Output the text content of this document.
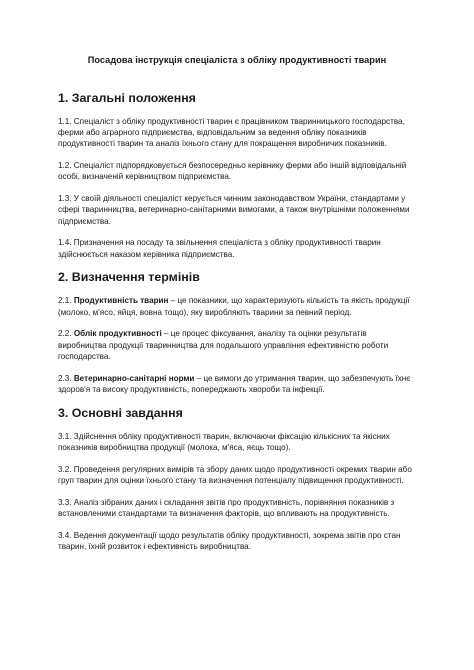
Посадова інструкція спеціаліста з обліку продуктивності тварин
1. Загальні положення

1.1. Спеціаліст з обліку продуктивності тварин є працівником тваринницького господарства, ферми або аграрного підприємства, відповідальним за ведення обліку показників продуктивності тварин та аналіз їхнього стану для покращення виробничих показників.

1.2. Спеціаліст підпорядковується безпосередньо керівнику ферми або іншій відповідальній особі, визначеній керівництвом підприємства.

1.3. У своїй діяльності спеціаліст керується чинним законодавством України, стандартами у сфері тваринництва, ветеринарно-санітарними вимогами, а також внутрішніми положеннями підприємства.

1.4. Призначення на посаду та звільнення спеціаліста з обліку продуктивності тварин здійснюється наказом керівника підприємства.

2. Визначення термінів

2.1. Продуктивність тварин – це показники, що характеризують кількість та якість продукції (молоко, м'ясо, яйця, вовна тощо), яку виробляють тварини за певний період.

2.2. Облік продуктивності – це процес фіксування, аналізу та оцінки результатів виробництва продукції тваринництва для подальшого управління ефективністю роботи господарства.

2.3. Ветеринарно-санітарні норми – це вимоги до утримання тварин, що забезпечують їхнє здоров'я та високу продуктивність, попереджають хвороби та інфекції.

3. Основні завдання

3.1. Здійснення обліку продуктивності тварин, включаючи фіксацію кількісних та якісних показників виробництва продукції (молока, м'яса, яєць тощо).

3.2. Проведення регулярних вимірів та збору даних щодо продуктивності окремих тварин або груп тварин для оцінки їхнього стану та визначення потенціалу підвищення продуктивності.

3.3. Аналіз зібраних даних і складання звітів про продуктивність, порівняння показників з встановленими стандартами та визначення факторів, що впливають на продуктивність.

3.4. Ведення документації щодо результатів обліку продуктивності, зокрема звітів про стан тварин, їхній розвиток і ефективність виробництва.
